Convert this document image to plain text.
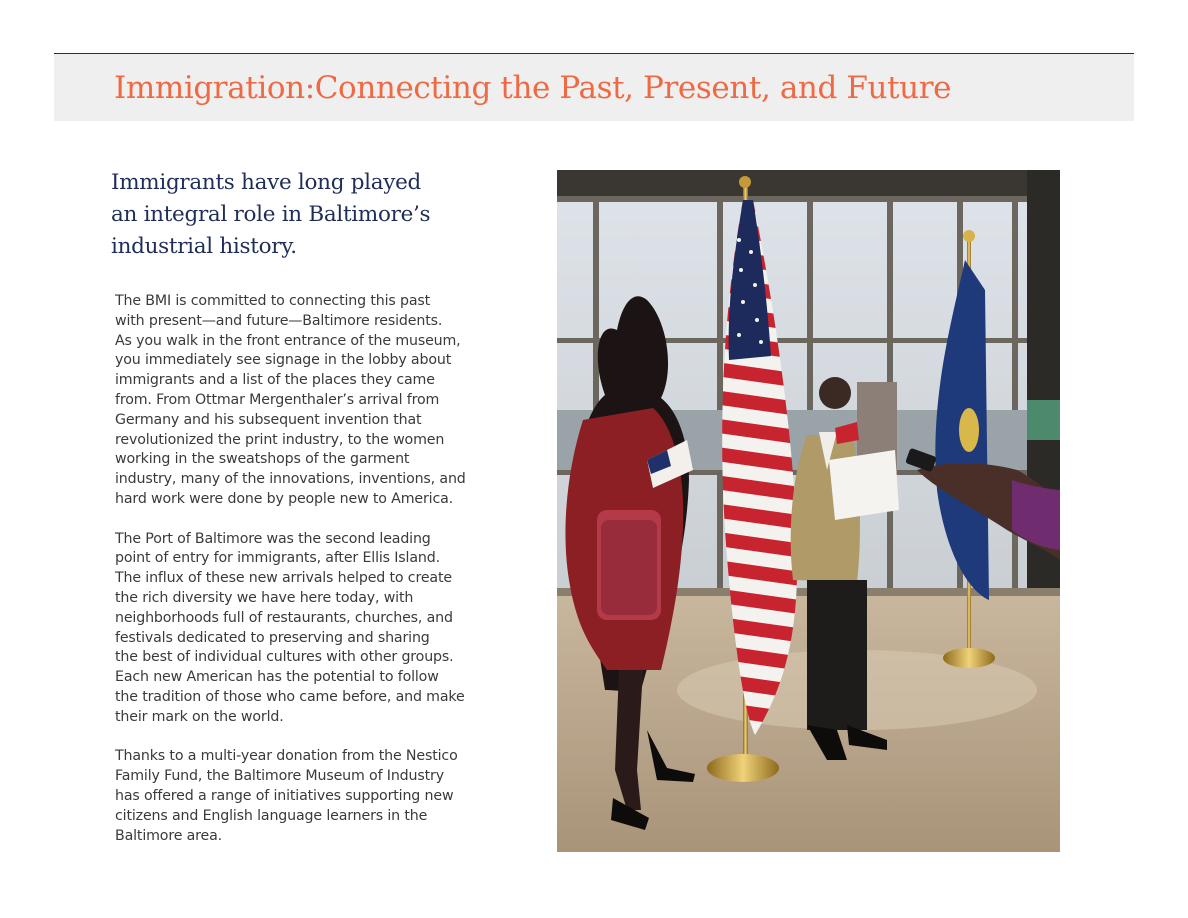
Immigration:Connecting the Past, Present, and Future
Immigrants have long played
an integral role in Baltimore’s
industrial history.

The BMI is committed to connecting this past
with present—and future—Baltimore residents.
As you walk in the front entrance of the museum,
you immediately see signage in the lobby about
immigrants and a list of the places they came
from. From Ottmar Mergenthaler’s arrival from
Germany and his subsequent invention that
revolutionized the print industry, to the women
working in the sweatshops of the garment
industry, many of the innovations, inventions, and
hard work were done by people new to America.

The Port of Baltimore was the second leading
point of entry for immigrants, after Ellis Island.
The influx of these new arrivals helped to create
the rich diversity we have here today, with
neighborhoods full of restaurants, churches, and
festivals dedicated to preserving and sharing
the best of individual cultures with other groups.
Each new American has the potential to follow
the tradition of those who came before, and make
their mark on the world.

Thanks to a multi-year donation from the Nestico
Family Fund, the Baltimore Museum of Industry
has offered a range of initiatives supporting new
citizens and English language learners in the
Baltimore area.
